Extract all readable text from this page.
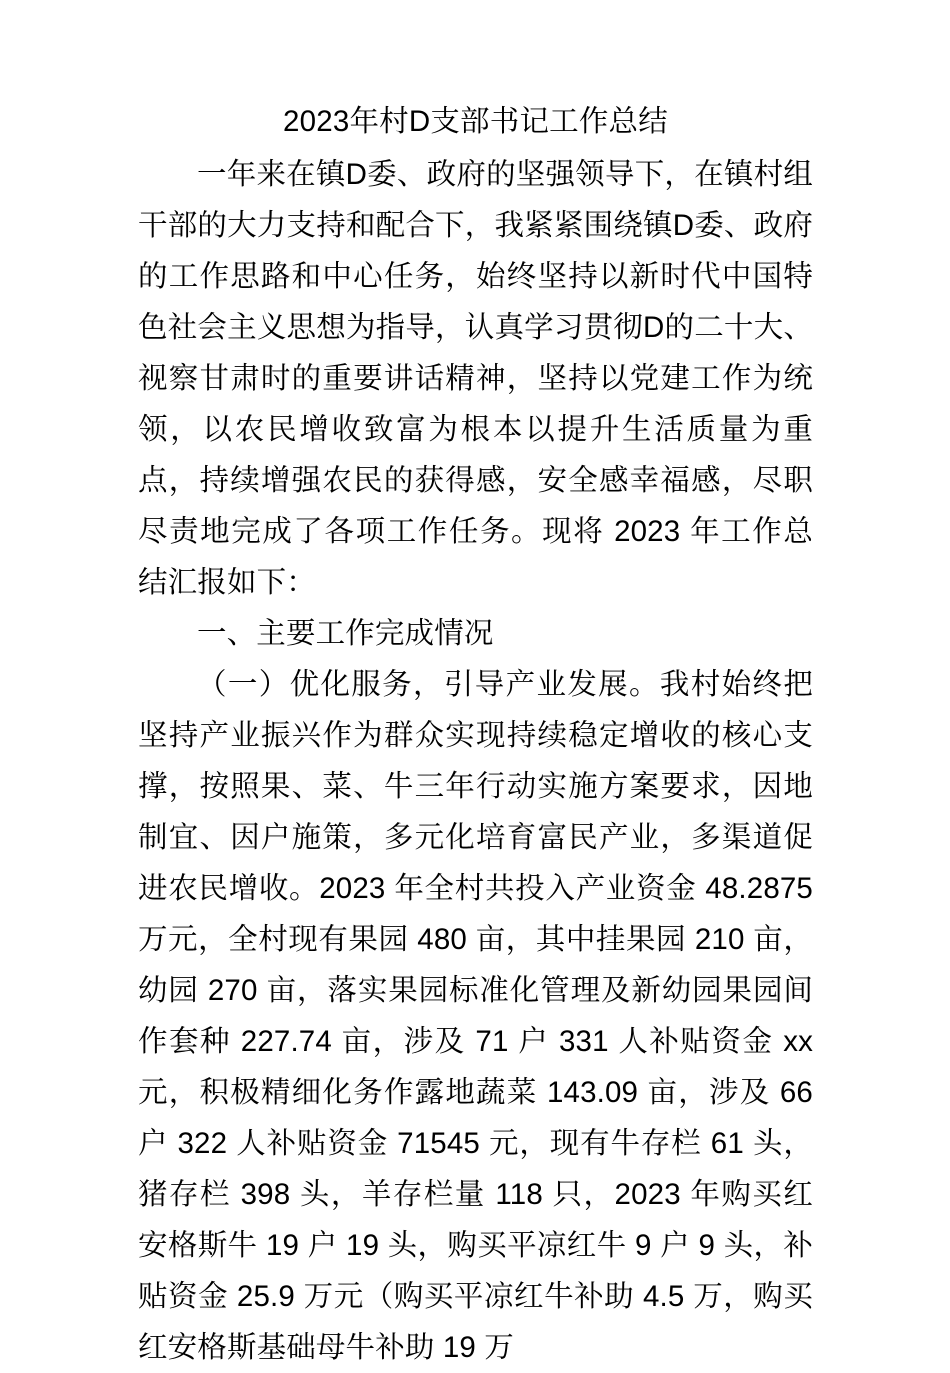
2023年村D支部书记工作总结

一年来在镇D委、政府的坚强领导下，在镇村组干部的大力支持和配合下，我紧紧围绕镇D委、政府的工作思路和中心任务，始终坚持以新时代中国特色社会主义思想为指导，认真学习贯彻D的二十大、视察甘肃时的重要讲话精神，坚持以党建工作为统领，以农民增收致富为根本以提升生活质量为重点，持续增强农民的获得感，安全感幸福感，尽职尽责地完成了各项工作任务。现将 2023 年工作总结汇报如下：

一、主要工作完成情况

（一）优化服务，引导产业发展。我村始终把坚持产业振兴作为群众实现持续稳定增收的核心支撑，按照果、菜、牛三年行动实施方案要求，因地制宜、因户施策，多元化培育富民产业，多渠道促进农民增收。2023 年全村共投入产业资金 48.2875 万元，全村现有果园 480 亩，其中挂果园 210 亩，幼园 270 亩，落实果园标准化管理及新幼园果园间作套种 227.74 亩，涉及 71 户 331 人补贴资金 xx 元，积极精细化务作露地蔬菜 143.09 亩，涉及 66 户 322 人补贴资金 71545 元，现有牛存栏 61 头，猪存栏 398 头，羊存栏量 118 只，2023 年购买红安格斯牛 19 户 19 头，购买平凉红牛 9 户 9 头，补贴资金 25.9 万元（购买平凉红牛补助 4.5 万，购买红安格斯基础母牛补助 19 万
